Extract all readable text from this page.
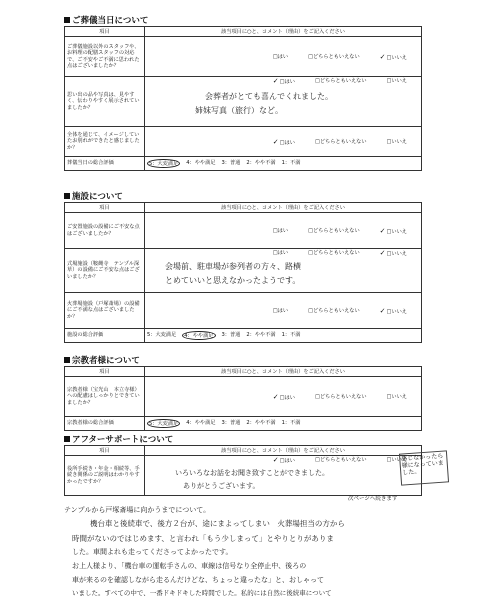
ご葬儀当日について
項目	該当項目に○と、コメント（理由）をご記入ください
ご葬儀施設以外のスタッフや、お料理の配膳スタッフの対応で、ご不安やご不満に思われた点はございましたか？	□はい □どちらともいえない ✓□いいえ

思い出の品や写真は、見やすく、伝わりやすく展示されていましたか？	✓□はい □どちらともいえない □いいえ
会葬者がとても喜んでくれました。
姉妹写真（旅行）など。

全体を通じて、イメージしていたお別れができたと感じましたか？	✓□はい □どちらともいえない □いいえ

葬儀当日の総合評価	5：大変満足 4：やや満足 3：普通 2：やや不満 1：不満
施設について
項目	該当項目に○と、コメント（理由）をご記入ください
ご安置施設の設備にご不安な点はございましたか？	□はい □どちらともいえない ✓□いいえ

式場施設（鞍縄寺　テンプル深草）の設備にご不安な点はございましたか？	□はい □どちらともいえない ✓□いいえ
会場前、駐車場が参列者の方々、路横
とめていいと思えなかったようです。

火葬場施設（戸塚斎場）の設備にご不満な点はございましたか？	□はい □どちらともいえない ✓□いいえ

施設の総合評価	5：大変満足 4：やや満足 3：普通 2：やや不満 1：不満
宗教者様について
項目	該当項目に○と、コメント（理由）をご記入ください
宗教者様（宝光山　本立寺様）への配慮はしっかりとできていましたか？	✓□はい □どちらともいえない □いいえ

宗教者様の総合評価	5：大変満足 4：やや満足 3：普通 2：やや不満 1：不満
アフターサポートについて
項目	該当項目に○と、コメント（理由）をご記入ください
役所手続き・年金・相続等、手続き関係のご説明はわかりやすかったですか？	✓□はい □どちらともいえない □いいえ
いろいろなお話をお聞き致すことができました。
ありがとうございます。
次ページへ続きます
感じなかったら様になっていました。
テンプルから戸塚斎場に向かうまでについて。
機台車と後続車で、後方２台が、途にまよってしまい　火葬場担当の方から
時間がないのではじめます、と言われ「もう少しまって」とやりとりがありま
した。車間よれも走ってくださってよかったです。
お上人様より、「機台車の運転手さんの、車線は信号なり全停止中、後ろの
車が来るのを確認しながら走るんだけどな、ちょっと違ったな」と、おしゃって
いました。すべての中で、一番ドキドキした時間でした。私的には自然に後続車について
